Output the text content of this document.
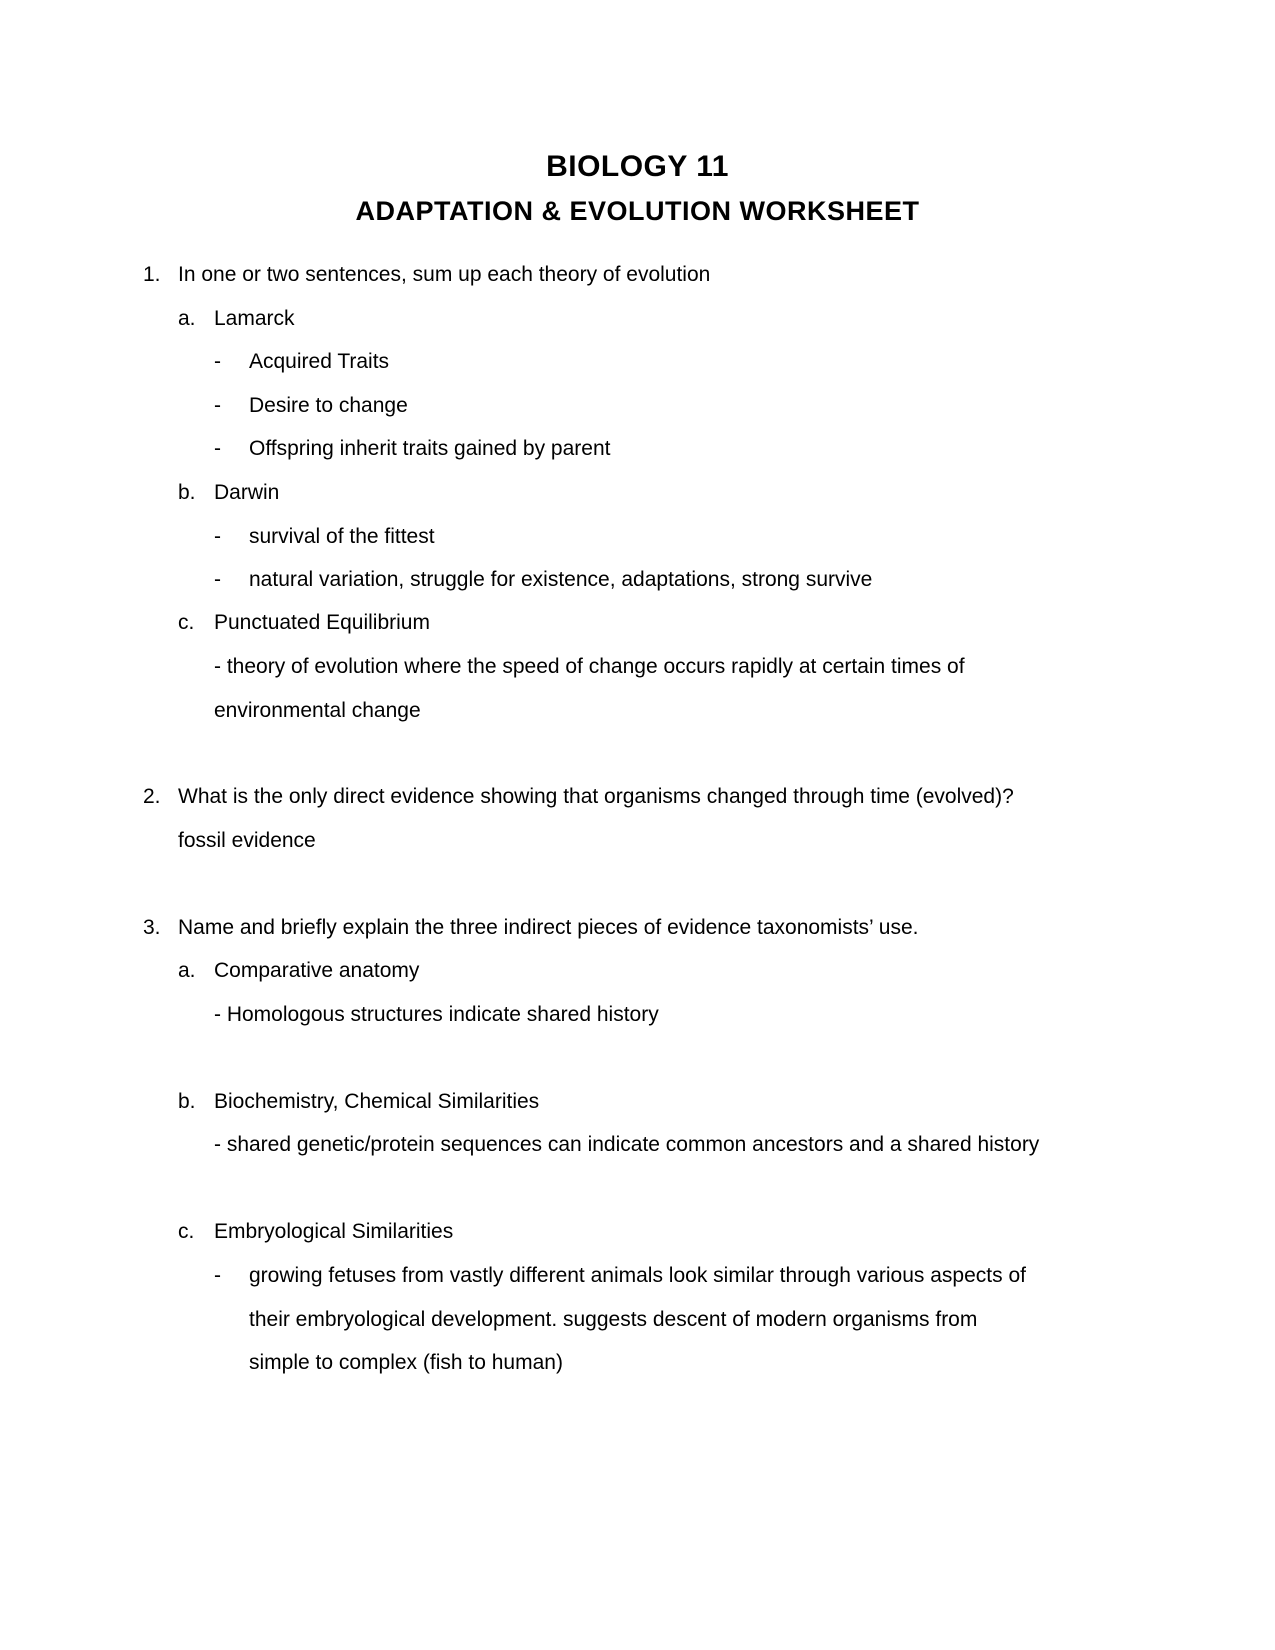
BIOLOGY 11
ADAPTATION & EVOLUTION WORKSHEET
1. In one or two sentences, sum up each theory of evolution
a. Lamarck
- Acquired Traits
- Desire to change
- Offspring inherit traits gained by parent
b. Darwin
- survival of the fittest
- natural variation, struggle for existence, adaptations, strong survive
c. Punctuated Equilibrium
- theory of evolution where the speed of change occurs rapidly at certain times of
environmental change
2. What is the only direct evidence showing that organisms changed through time (evolved)?
fossil evidence
3. Name and briefly explain the three indirect pieces of evidence taxonomists’ use.
a. Comparative anatomy
- Homologous structures indicate shared history
b. Biochemistry, Chemical Similarities
- shared genetic/protein sequences can indicate common ancestors and a shared history
c. Embryological Similarities
- growing fetuses from vastly different animals look similar through various aspects of
their embryological development. suggests descent of modern organisms from
simple to complex (fish to human)
